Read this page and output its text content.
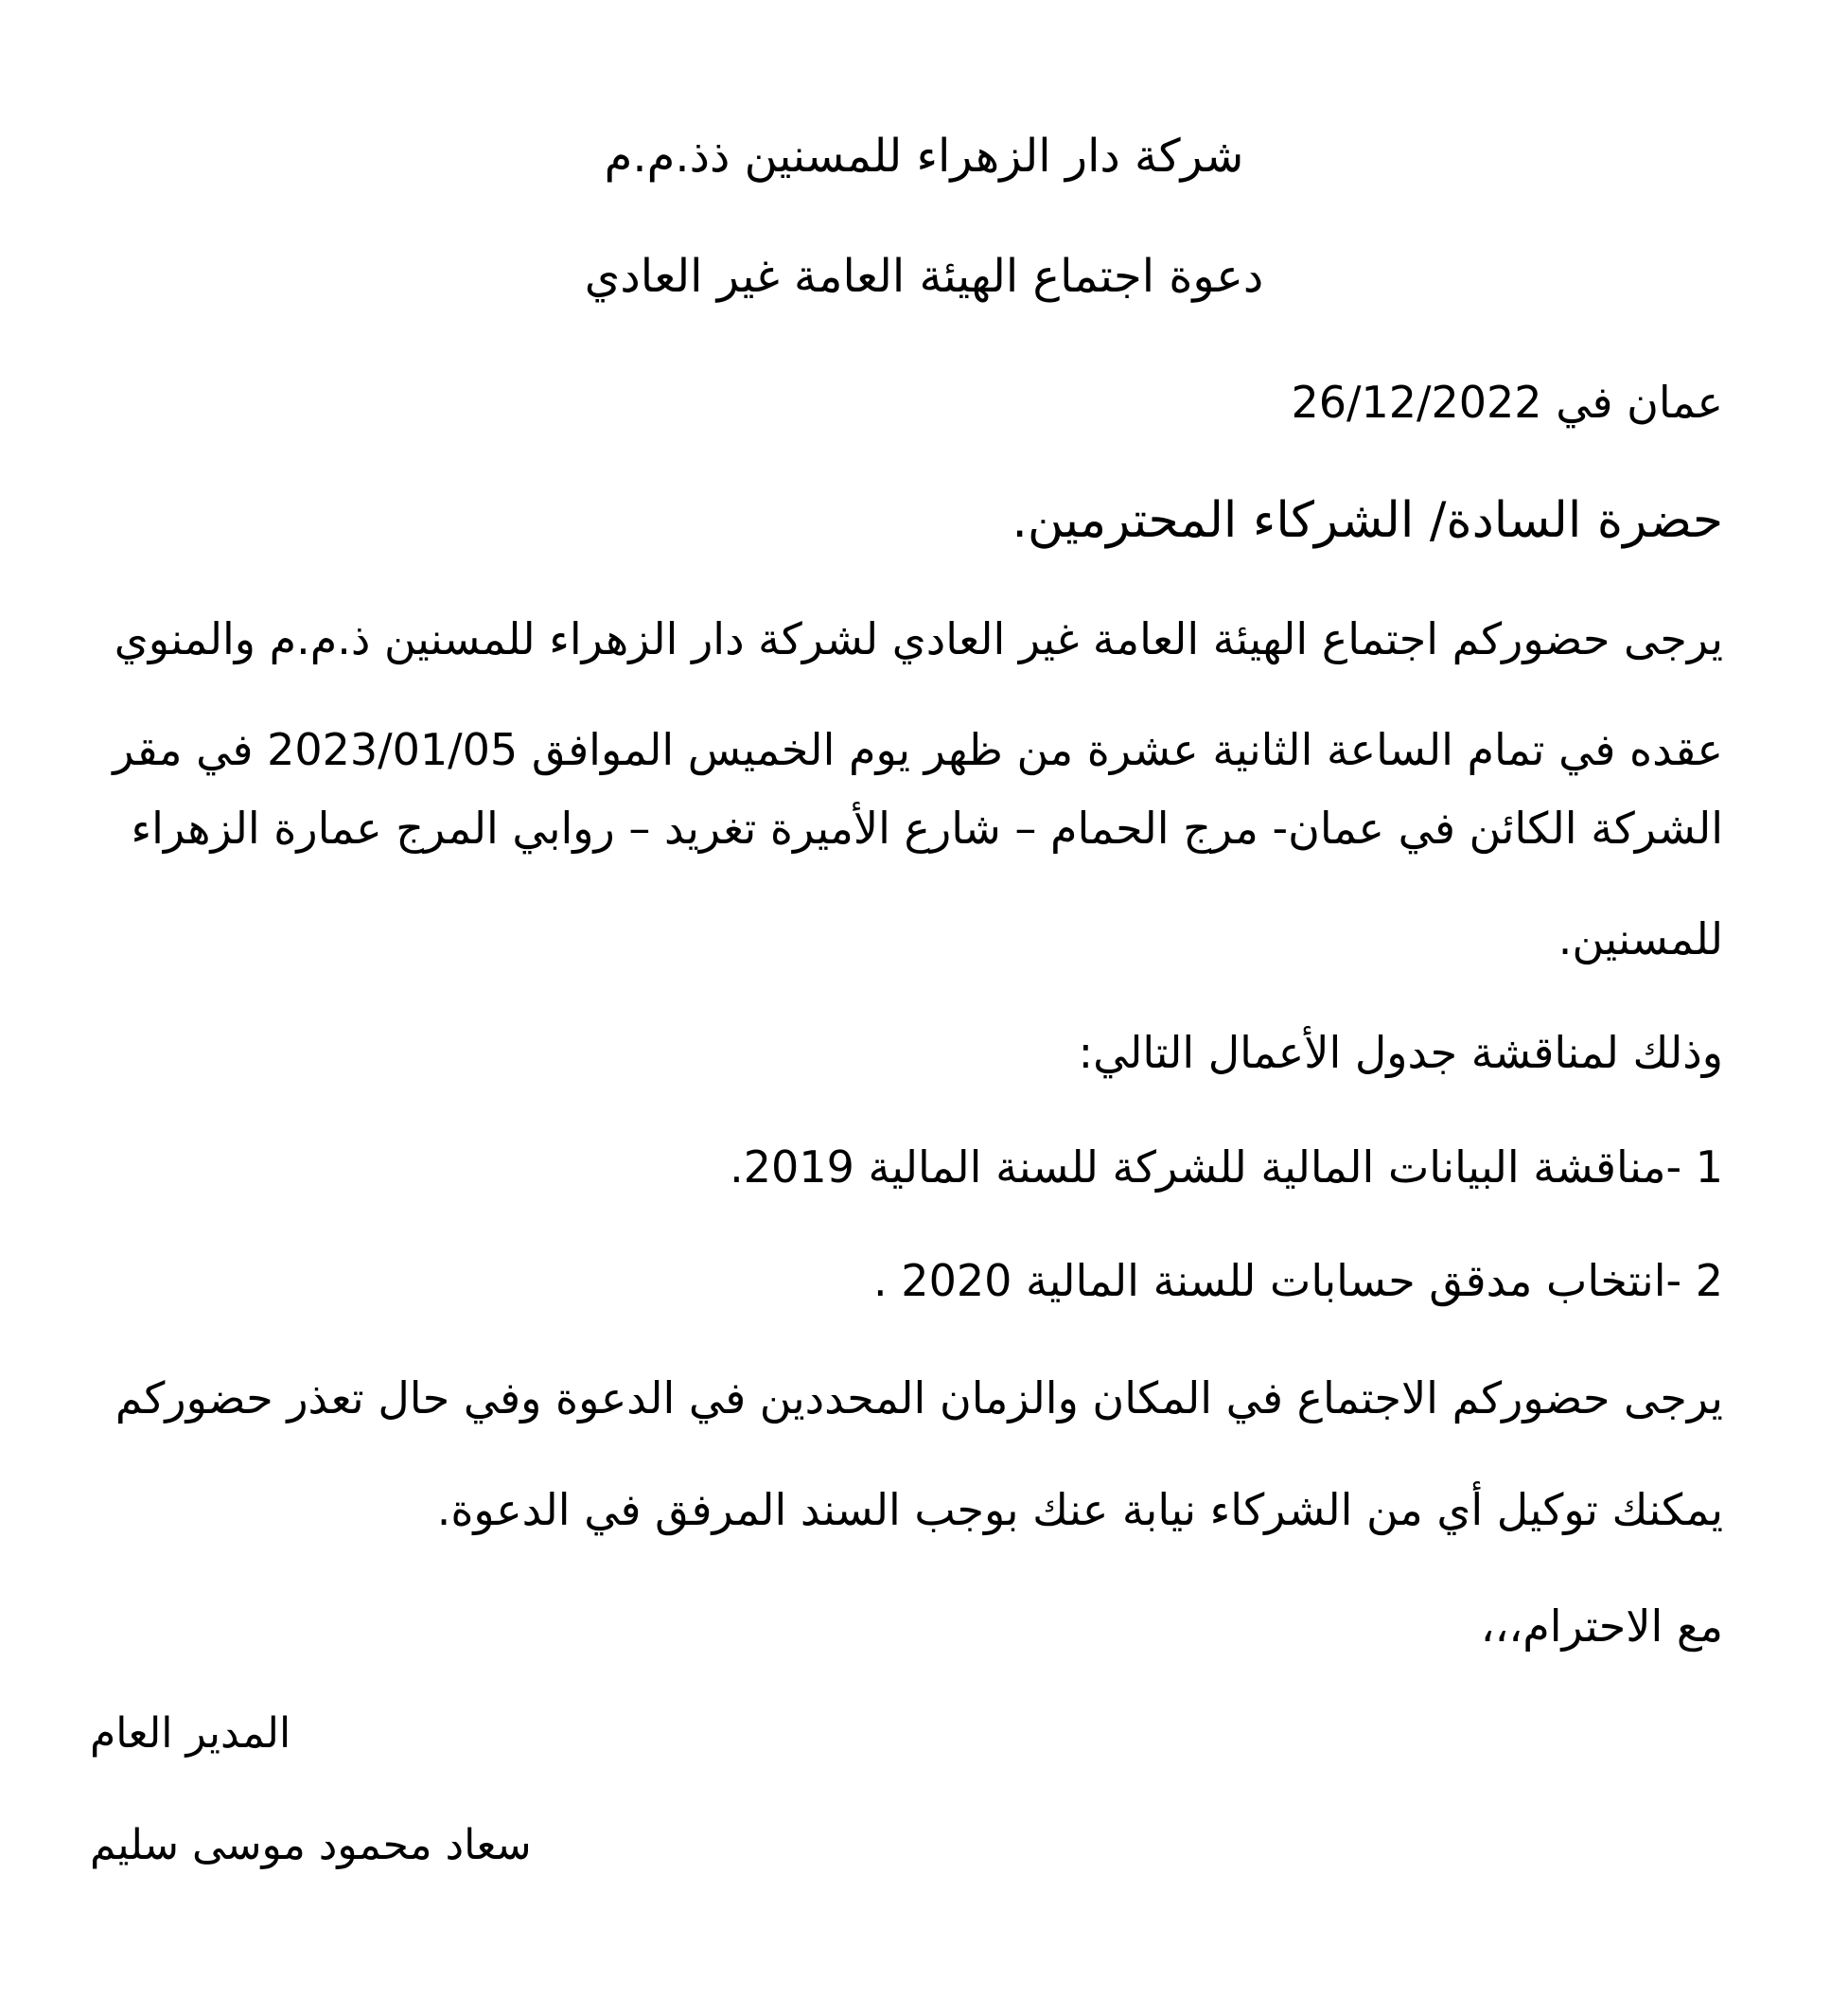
شركة دار الزهراء للمسنين ذذ.م.م
دعوة اجتماع الهيئة العامة غير العادي
عمان في 26/12/2022
حضرة السادة/ الشركاء المحترمين.
يرجى حضوركم اجتماع الهيئة العامة غير العادي لشركة دار الزهراء للمسنين ذ.م.م والمنوي
عقده في تمام الساعة الثانية عشرة من ظهر يوم الخميس الموافق 2023/01/05 في مقر
الشركة الكائن في عمان- مرج الحمام – شارع الأميرة تغريد – روابي المرج عمارة الزهراء
للمسنين.
وذلك لمناقشة جدول الأعمال التالي:
1 -مناقشة البيانات المالية للشركة للسنة المالية 2019.
2 -انتخاب مدقق حسابات للسنة المالية 2020 .
يرجى حضوركم الاجتماع في المكان والزمان المحددين في الدعوة وفي حال تعذر حضوركم
يمكنك توكيل أي من الشركاء نيابة عنك بوجب السند المرفق في الدعوة.
مع الاحترام،،،
المدير العام
سعاد محمود موسى سليم
